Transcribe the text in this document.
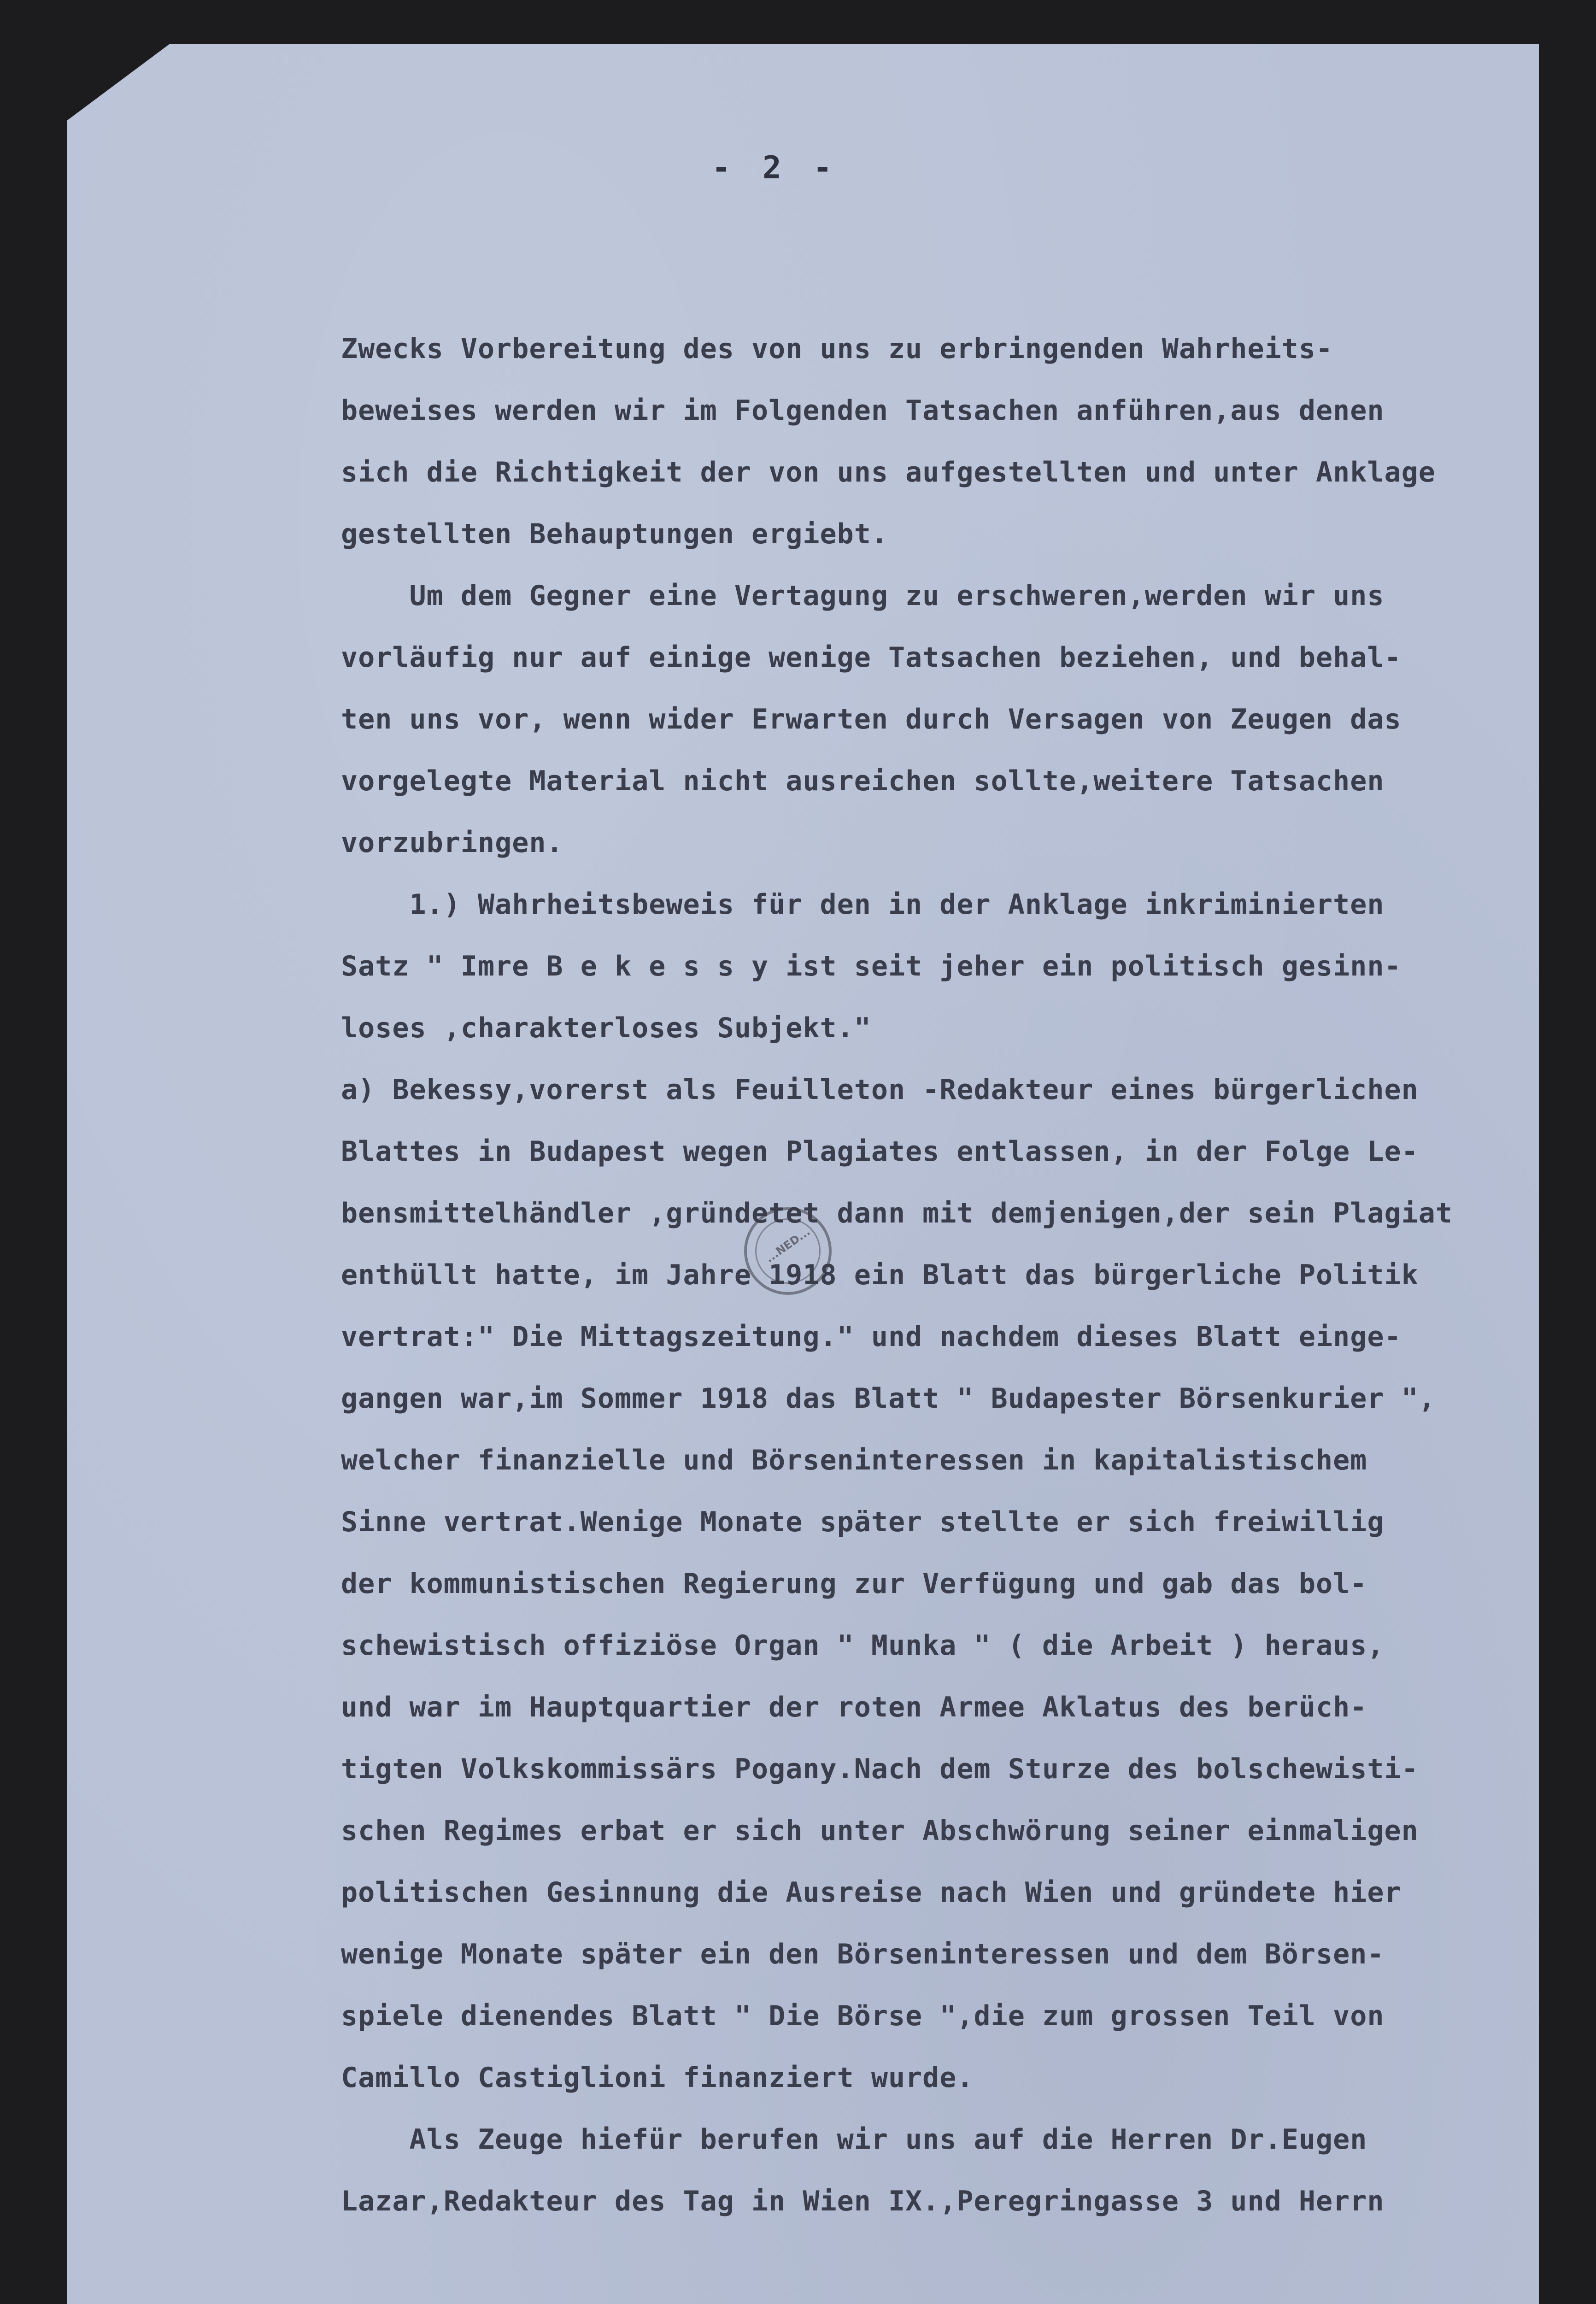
- 2 -
Zwecks Vorbereitung des von uns zu erbringenden Wahrheits-
beweises werden wir im Folgenden Tatsachen anführen,aus denen
sich die Richtigkeit der von uns aufgestellten und unter Anklage
gestellten Behauptungen ergiebt.
Um dem Gegner eine Vertagung zu erschweren,werden wir uns
vorläufig nur auf einige wenige Tatsachen beziehen, und behal-
ten uns vor, wenn wider Erwarten durch Versagen von Zeugen das
vorgelegte Material nicht ausreichen sollte,weitere Tatsachen
vorzubringen.
1.) Wahrheitsbeweis für den in der Anklage inkriminierten
Satz " Imre B e k e s s y ist seit jeher ein politisch gesinn-
loses ,charakterloses Subjekt."
a) Bekessy,vorerst als Feuilleton -Redakteur eines bürgerlichen
Blattes in Budapest wegen Plagiates entlassen, in der Folge Le-
bensmittelhändler ,gründetet dann mit demjenigen,der sein Plagiat
enthüllt hatte, im Jahre 1918 ein Blatt das bürgerliche Politik
vertrat:" Die Mittagszeitung." und nachdem dieses Blatt einge-
gangen war,im Sommer 1918 das Blatt " Budapester Börsenkurier ",
welcher finanzielle und Börseninteressen in kapitalistischem
Sinne vertrat.Wenige Monate später stellte er sich freiwillig
der kommunistischen Regierung zur Verfügung und gab das bol-
schewistisch offiziöse Organ " Munka " ( die Arbeit ) heraus,
und war im Hauptquartier der roten Armee Aklatus des berüch-
tigten Volkskommissärs Pogany.Nach dem Sturze des bolschewisti-
schen Regimes erbat er sich unter Abschwörung seiner einmaligen
politischen Gesinnung die Ausreise nach Wien und gründete hier
wenige Monate später ein den Börseninteressen und dem Börsen-
spiele dienendes Blatt " Die Börse ",die zum grossen Teil von
Camillo Castiglioni finanziert wurde.
Als Zeuge hiefür berufen wir uns auf die Herren Dr.Eugen
Lazar,Redakteur des Tag in Wien IX.,Peregringasse 3 und Herrn
...NED...
